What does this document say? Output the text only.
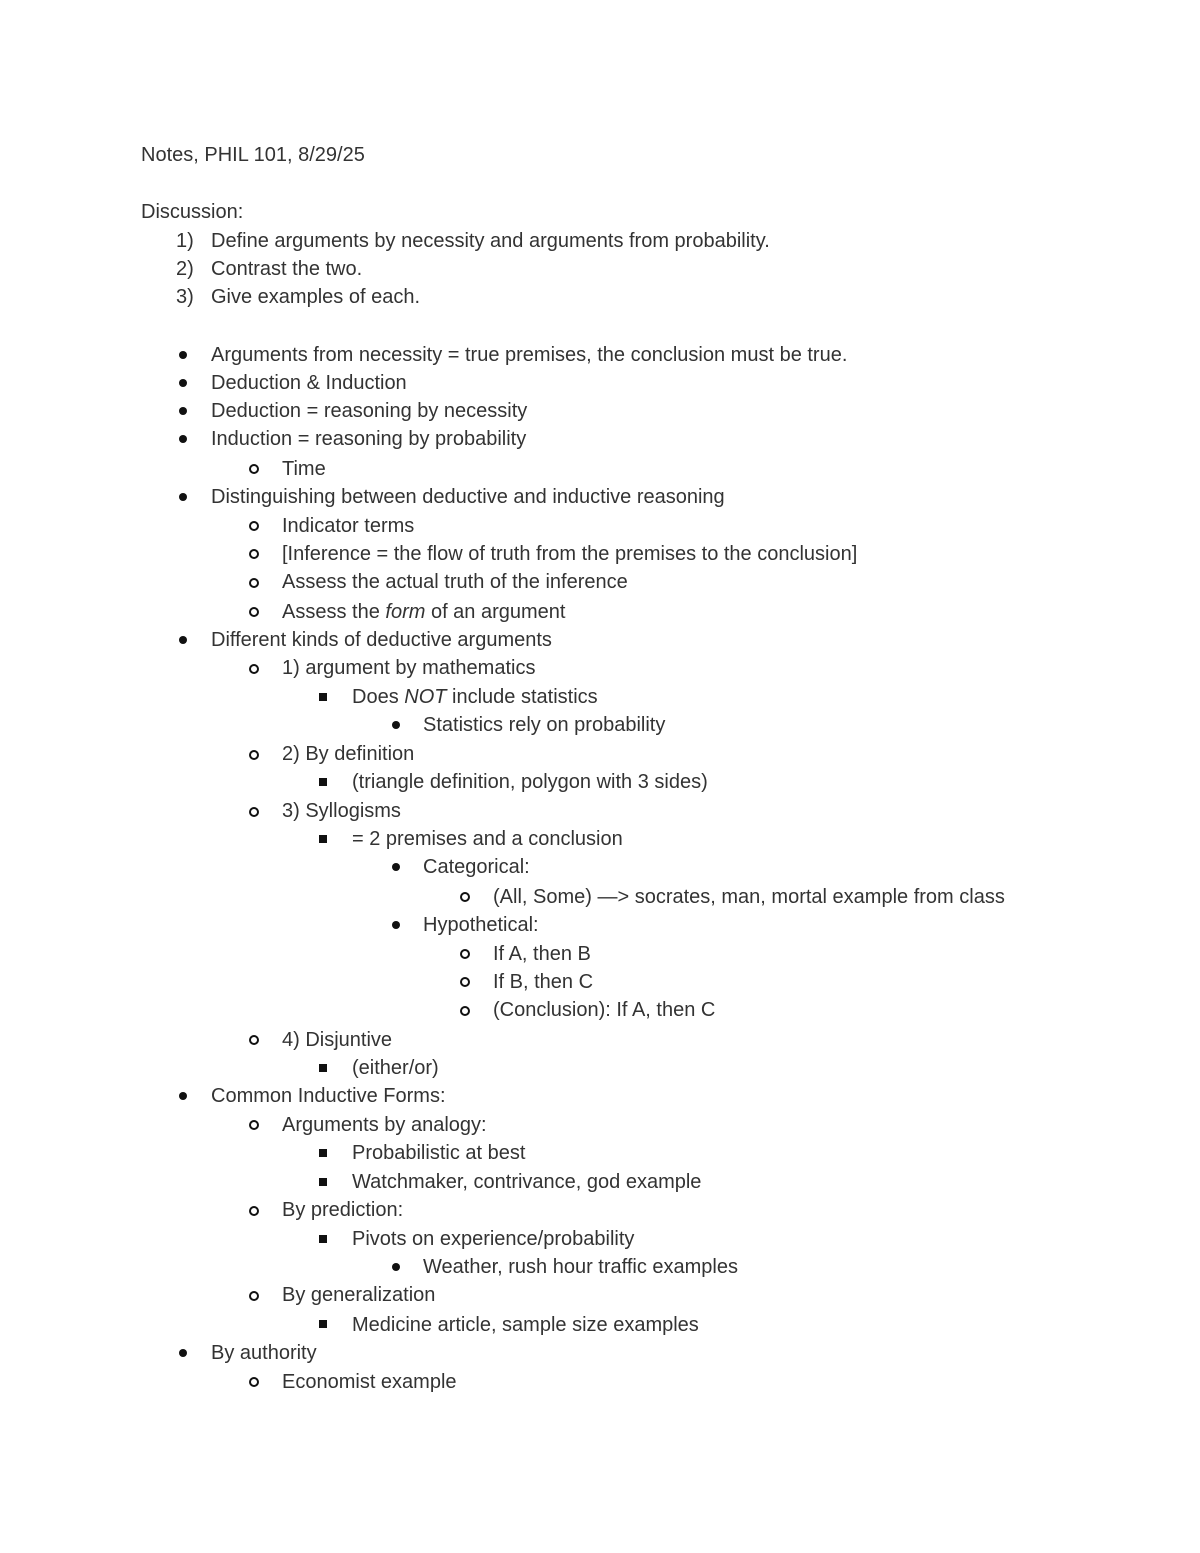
Notes, PHIL 101, 8/29/25
Discussion:
1) Define arguments by necessity and arguments from probability.
2) Contrast the two.
3) Give examples of each.
Arguments from necessity = true premises, the conclusion must be true.
Deduction & Induction
Deduction = reasoning by necessity
Induction = reasoning by probability
Time
Distinguishing between deductive and inductive reasoning
Indicator terms
[Inference = the flow of truth from the premises to the conclusion]
Assess the actual truth of the inference
Assess the form of an argument
Different kinds of deductive arguments
1) argument by mathematics
Does NOT include statistics
Statistics rely on probability
2) By definition
(triangle definition, polygon with 3 sides)
3) Syllogisms
= 2 premises and a conclusion
Categorical:
(All, Some) —> socrates, man, mortal example from class
Hypothetical:
If A, then B
If B, then C
(Conclusion): If A, then C
4) Disjuntive
(either/or)
Common Inductive Forms:
Arguments by analogy:
Probabilistic at best
Watchmaker, contrivance, god example
By prediction:
Pivots on experience/probability
Weather, rush hour traffic examples
By generalization
Medicine article, sample size examples
By authority
Economist example
